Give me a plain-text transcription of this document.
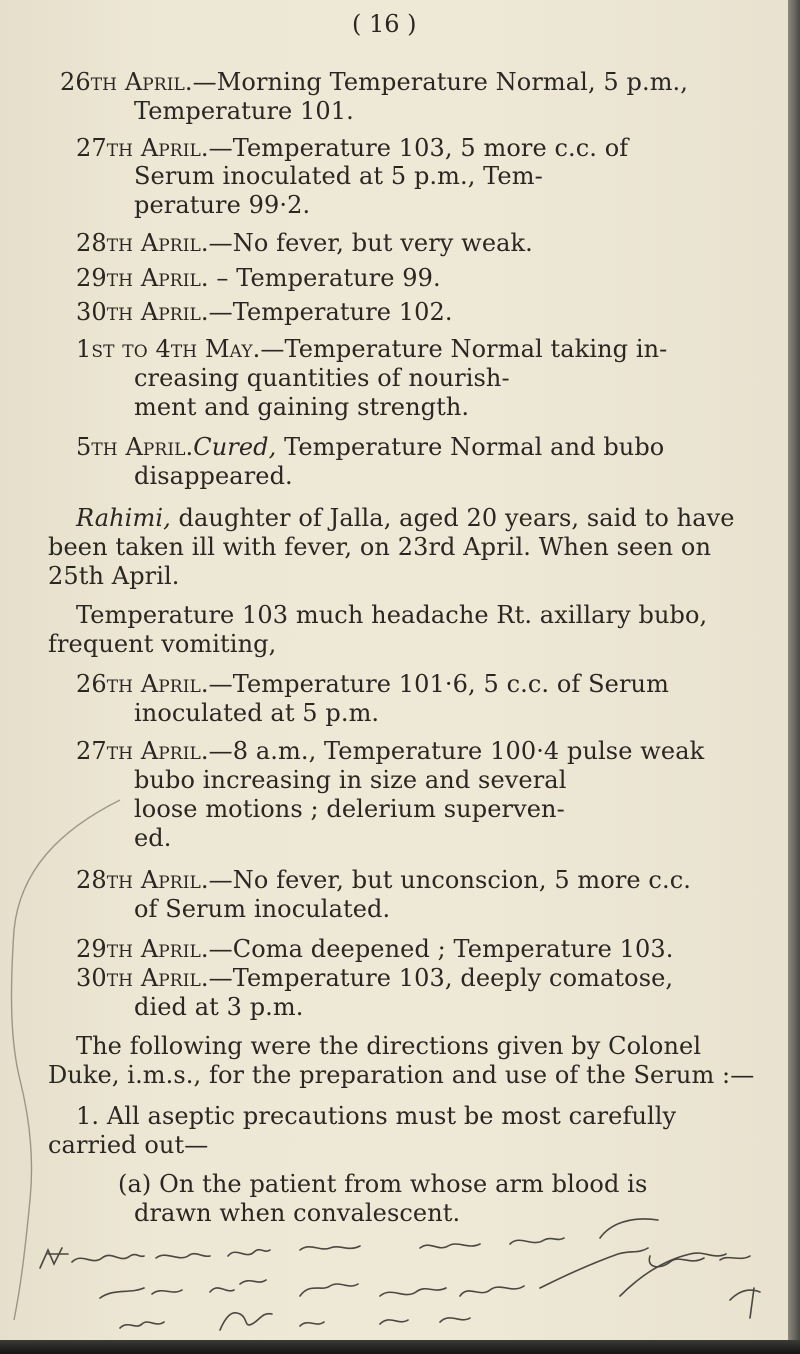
( 16 )
26th April.—Morning Temperature Normal, 5 p.m.,
Temperature 101.
27th April.—Temperature 103, 5 more c.c. of
Serum inoculated at 5 p.m., Tem-
perature 99·2.
28th April.—No fever, but very weak.
29th April. – Temperature 99.
30th April.—Temperature 102.
1st to 4th May.—Temperature Normal taking in-
creasing quantities of nourish-
ment and gaining strength.
5th April.Cured, Temperature Normal and bubo
disappeared.
Rahimi, daughter of Jalla, aged 20 years, said to have
been taken ill with fever, on 23rd April. When seen on
25th April.
Temperature 103 much headache Rt. axillary bubo,
frequent vomiting,
26th April.—Temperature 101·6, 5 c.c. of Serum
inoculated at 5 p.m.
27th April.—8 a.m., Temperature 100·4 pulse weak
bubo increasing in size and several
loose motions ; delerium superven-
ed.
28th April.—No fever, but unconscion, 5 more c.c.
of Serum inoculated.
29th April.—Coma deepened ; Temperature 103.
30th April.—Temperature 103, deeply comatose,
died at 3 p.m.
The following were the directions given by Colonel
Duke, i.m.s., for the preparation and use of the Serum :—
1. All aseptic precautions must be most carefully
carried out—
(a) On the patient from whose arm blood is
drawn when convalescent.
